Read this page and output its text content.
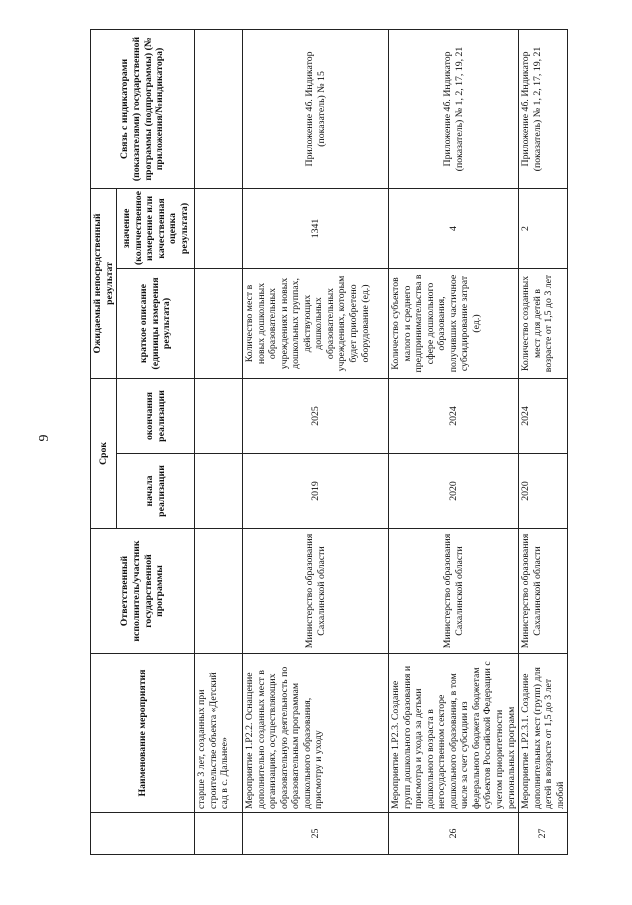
9
	Наименование мероприятия	Ответственный исполнитель/участник государственной программы	Срок		Ожидаемый непосредственный результат		Связь с индикаторами (показателями) государственной программы (подпрограммы) (№ приложения/№индикатора)
			начала реализации	окончания реализации	краткое описание (единицы измерения результата)	значение (количественное измерение или качественная оценка результата)	
	старше 3 лет, созданных при строительстве объекта «Детский сад в с. Дальнее»						
25	Мероприятие 1.Р2.2. Оснащение дополнительно созданных мест в организациях, осуществляющих образовательную деятельность по образовательным программам дошкольного образования, присмотру и уходу	Министерство образования Сахалинской области	2019	2025	Количество мест в новых дошкольных образовательных учреждениях и новых дошкольных группах, действующих дошкольных образовательных учреждениях, которым будет приобретено оборудование (ед.)	1341	Приложение 4б. Индикатор (показатель) № 15
26	Мероприятие 1.Р2.3. Создание групп дошкольного образования и присмотра и ухода за детьми дошкольного возраста в негосударственном секторе дошкольного образования, в том числе за счет субсидии из федерального бюджета бюджетам субъектов Российской Федерации с учетом приоритетности региональных программ	Министерство образования Сахалинской области	2020	2024	Количество субъектов малого и среднего предпринимательства в сфере дошкольного образования, получивших частичное субсидирование затрат (ед.)	4	Приложение 4б. Индикатор (показатель) № 1, 2, 17, 19, 21
27	Мероприятие 1.Р2.3.1. Создание дополнительных мест (групп) для детей в возрасте от 1,5 до 3 лет любой	Министерство образования Сахалинской области	2020	2024	Количество созданных мест для детей в возрасте от 1,5 до 3 лет	2	Приложение 4б. Индикатор (показатель) № 1, 2, 17, 19, 21
